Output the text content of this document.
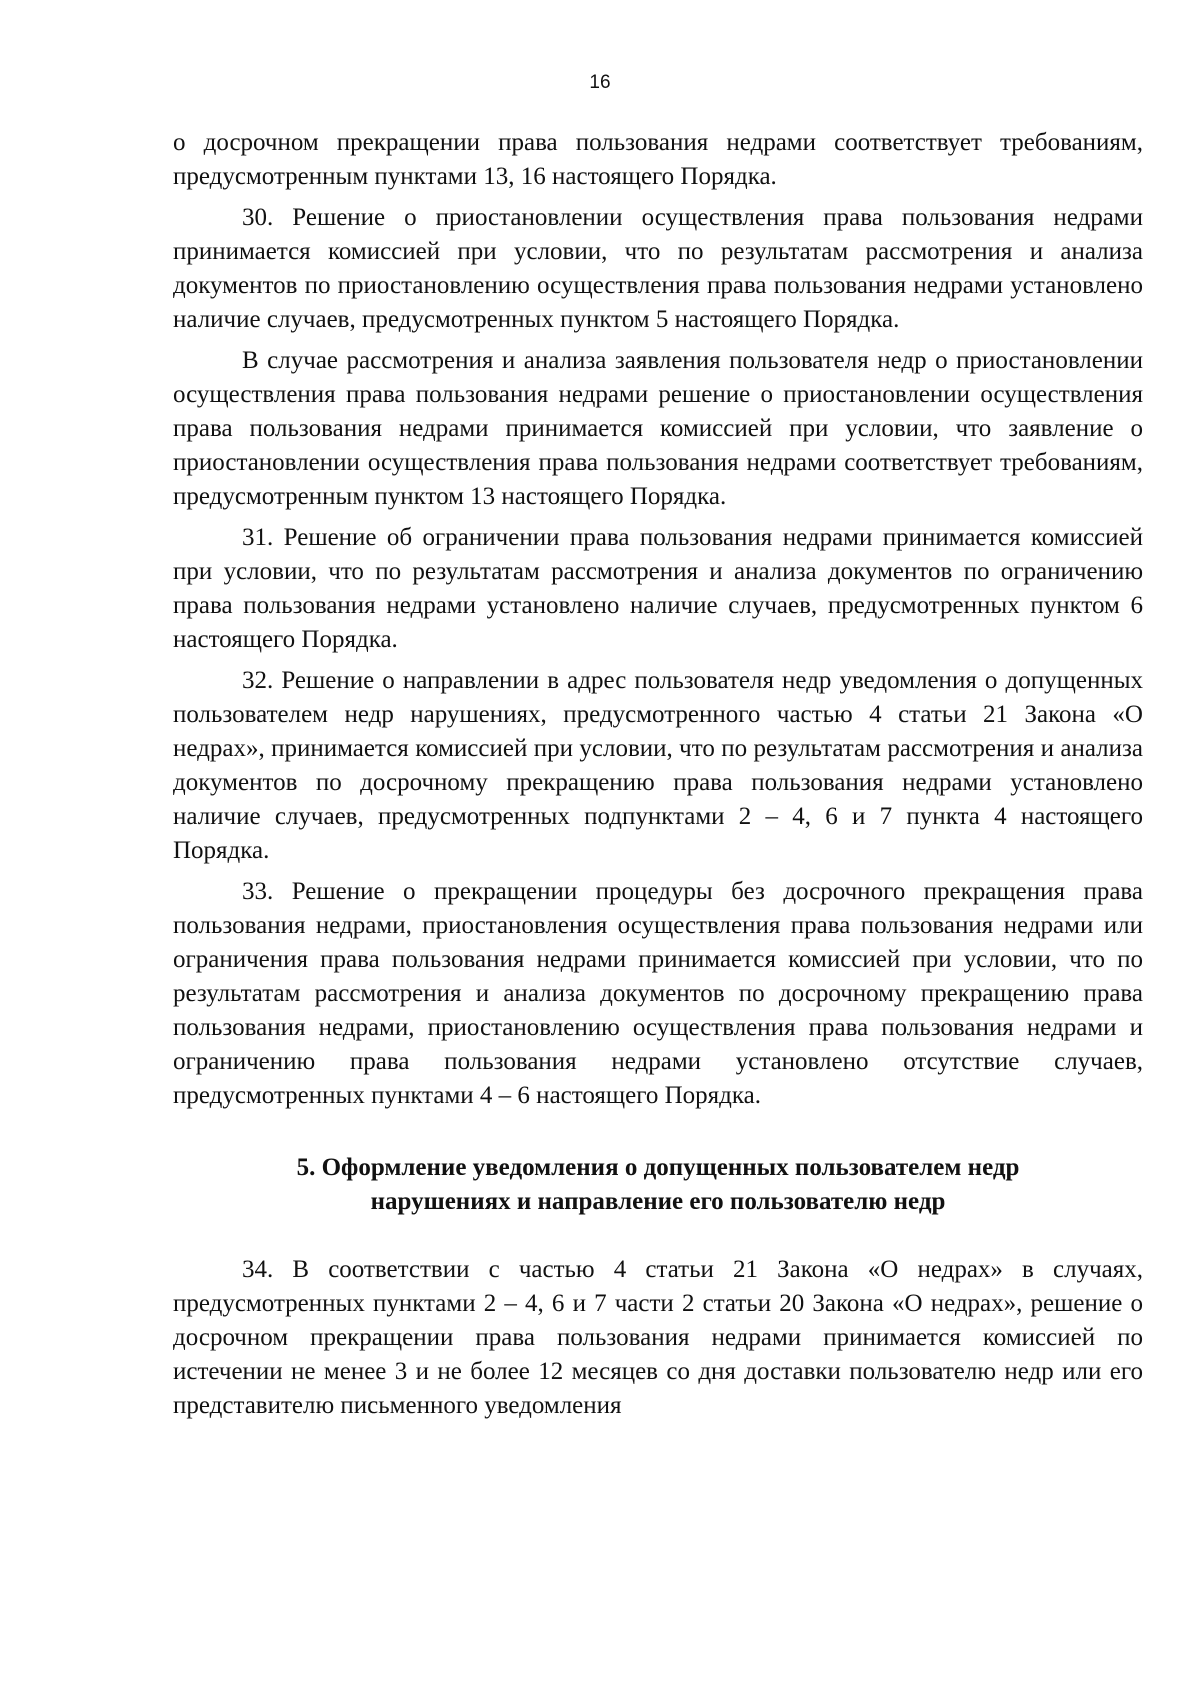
16

о досрочном прекращении права пользования недрами соответствует требованиям, предусмотренным пунктами 13, 16 настоящего Порядка.

30. Решение о приостановлении осуществления права пользования недрами принимается комиссией при условии, что по результатам рассмотрения и анализа документов по приостановлению осуществления права пользования недрами установлено наличие случаев, предусмотренных пунктом 5 настоящего Порядка.

В случае рассмотрения и анализа заявления пользователя недр о приостановлении осуществления права пользования недрами решение о приостановлении осуществления права пользования недрами принимается комиссией при условии, что заявление о приостановлении осуществления права пользования недрами соответствует требованиям, предусмотренным пунктом 13 настоящего Порядка.

31. Решение об ограничении права пользования недрами принимается комиссией при условии, что по результатам рассмотрения и анализа документов по ограничению права пользования недрами установлено наличие случаев, предусмотренных пунктом 6 настоящего Порядка.

32. Решение о направлении в адрес пользователя недр уведомления о допущенных пользователем недр нарушениях, предусмотренного частью 4 статьи 21 Закона «О недрах», принимается комиссией при условии, что по результатам рассмотрения и анализа документов по досрочному прекращению права пользования недрами установлено наличие случаев, предусмотренных подпунктами 2 – 4, 6 и 7 пункта 4 настоящего Порядка.

33. Решение о прекращении процедуры без досрочного прекращения права пользования недрами, приостановления осуществления права пользования недрами или ограничения права пользования недрами принимается комиссией при условии, что по результатам рассмотрения и анализа документов по досрочному прекращению права пользования недрами, приостановлению осуществления права пользования недрами и ограничению права пользования недрами установлено отсутствие случаев, предусмотренных пунктами 4 – 6 настоящего Порядка.

5. Оформление уведомления о допущенных пользователем недр
нарушениях и направление его пользователю недр

34. В соответствии с частью 4 статьи 21 Закона «О недрах» в случаях, предусмотренных пунктами 2 – 4, 6 и 7 части 2 статьи 20 Закона «О недрах», решение о досрочном прекращении права пользования недрами принимается комиссией по истечении не менее 3 и не более 12 месяцев со дня доставки пользователю недр или его представителю письменного уведомления
